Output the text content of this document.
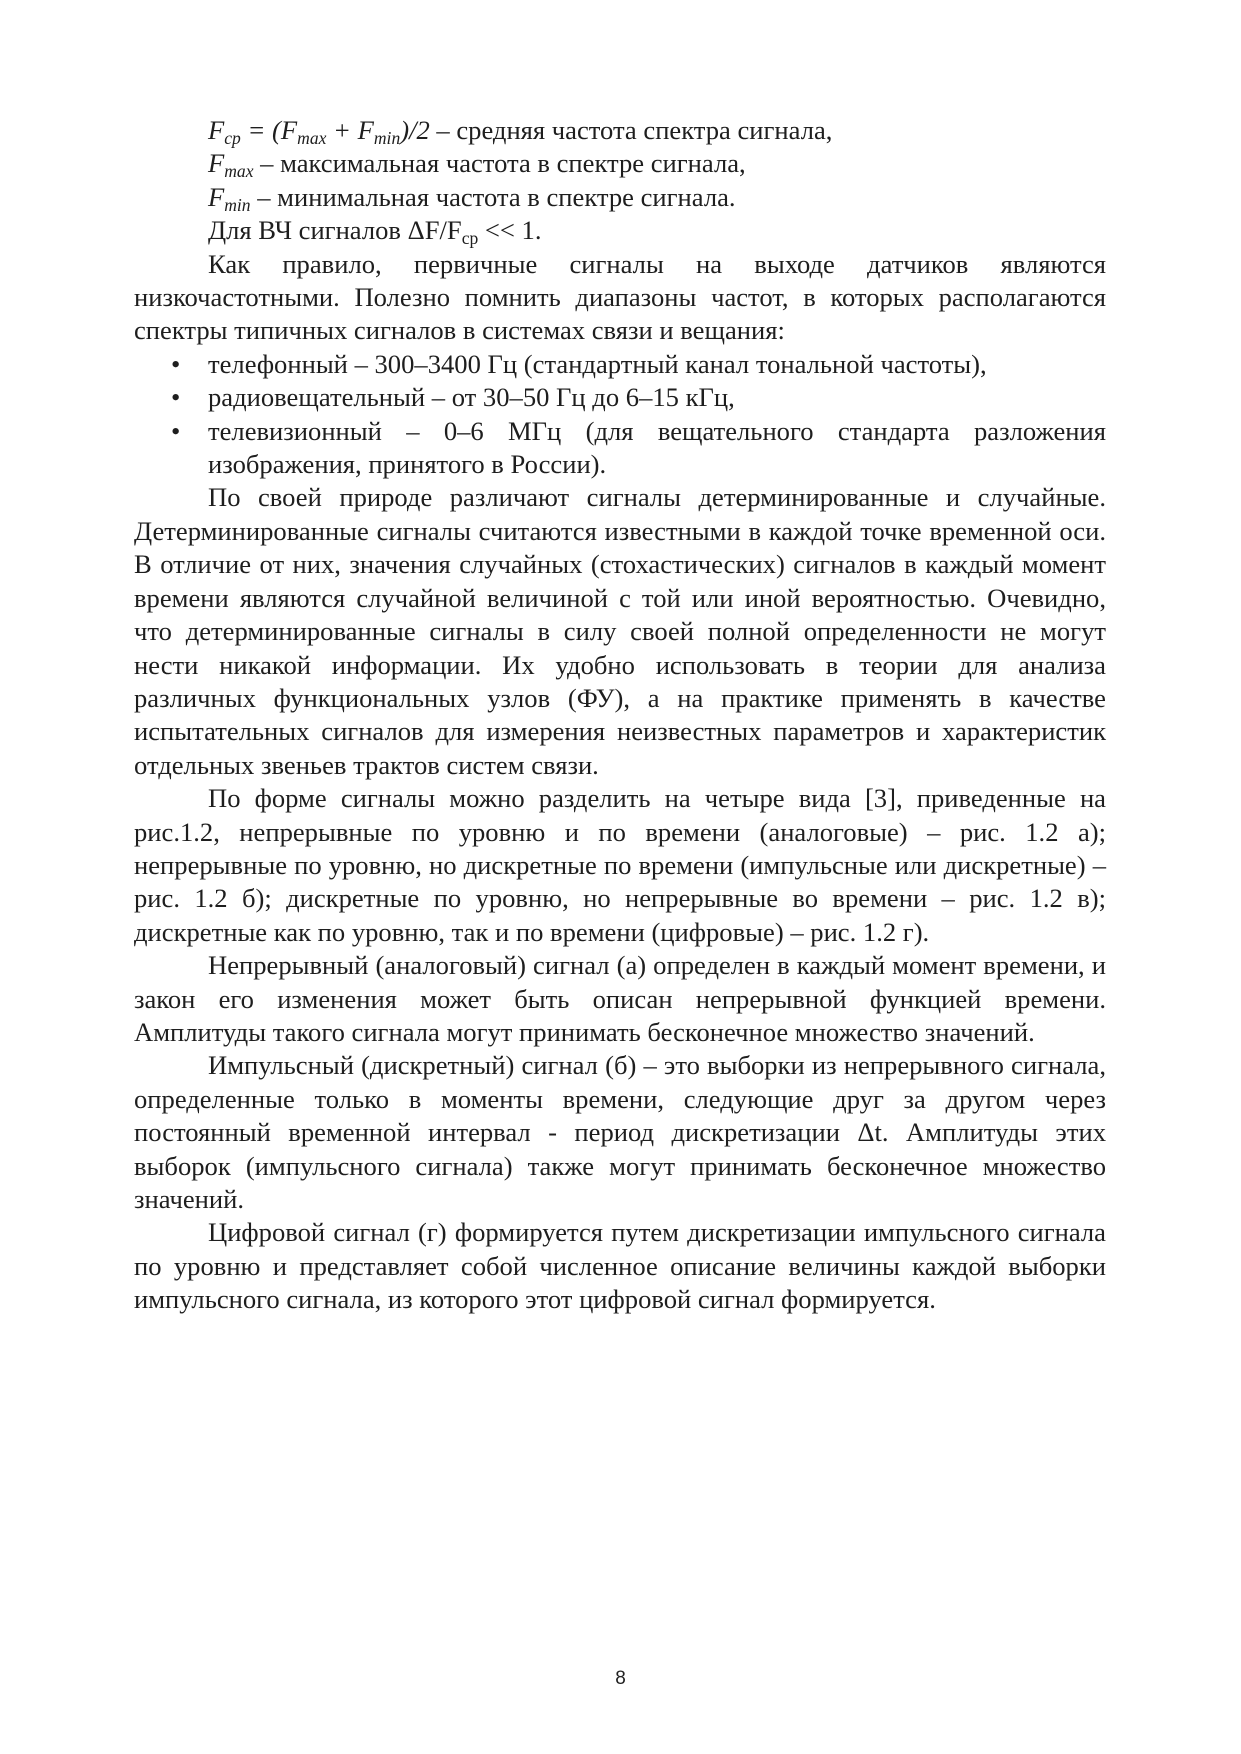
$F_{ср} = (F_{max} + F_{min})/2$ – средняя частота спектра сигнала,

$F_{max}$ – максимальная частота в спектре сигнала,

$F_{min}$ – минимальная частота в спектре сигнала.

Для ВЧ сигналов $\Delta F/F_{ср} << 1$.

Как правило, первичные сигналы на выходе датчиков являются низкочастотными. Полезно помнить диапазоны частот, в которых располагаются спектры типичных сигналов в системах связи и вещания:

•	телефонный – 300–3400 Гц (стандартный канал тональной частоты),
•	радиовещательный – от 30–50 Гц до 6–15 кГц,
•	телевизионный – 0–6 МГц (для вещательного стандарта разложения изображения, принятого в России).

По своей природе различают сигналы детерминированные и случайные. Детерминированные сигналы считаются известными в каждой точке временной оси. В отличие от них, значения случайных (стохастических) сигналов в каждый момент времени являются случайной величиной с той или иной вероятностью. Очевидно, что детерминированные сигналы в силу своей полной определенности не могут нести никакой информации. Их удобно использовать в теории для анализа различных функциональных узлов (ФУ), а на практике применять в качестве испытательных сигналов для измерения неизвестных параметров и характеристик отдельных звеньев трактов систем связи.

По форме сигналы можно разделить на четыре вида [3], приведенные на рис.1.2, непрерывные по уровню и по времени (аналоговые) – рис. 1.2 а); непрерывные по уровню, но дискретные по времени (импульсные или дискретные) – рис. 1.2 б); дискретные по уровню, но непрерывные во времени – рис. 1.2 в); дискретные как по уровню, так и по времени (цифровые) – рис. 1.2 г).

Непрерывный (аналоговый) сигнал (а) определен в каждый момент времени, и закон его изменения может быть описан непрерывной функцией времени. Амплитуды такого сигнала могут принимать бесконечное множество значений.

Импульсный (дискретный) сигнал (б) – это выборки из непрерывного сигнала, определенные только в моменты времени, следующие друг за другом через постоянный временной интервал - период дискретизации Δt. Амплитуды этих выборок (импульсного сигнала) также могут принимать бесконечное множество значений.

Цифровой сигнал (г) формируется путем дискретизации импульсного сигнала по уровню и представляет собой численное описание величины каждой выборки импульсного сигнала, из которого этот цифровой сигнал формируется.

8
